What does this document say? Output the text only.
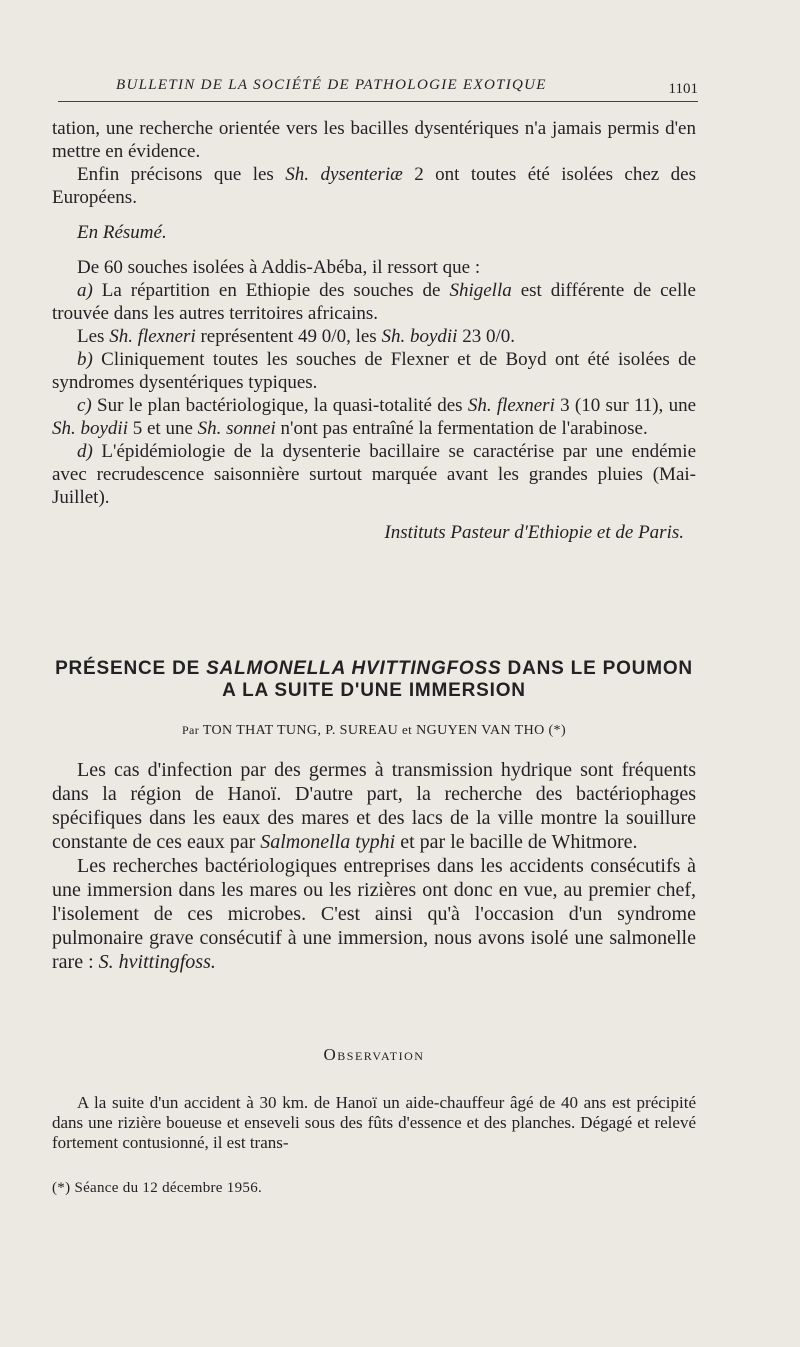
BULLETIN DE LA SOCIÉTÉ DE PATHOLOGIE EXOTIQUE	1101

tation, une recherche orientée vers les bacilles dysentériques n'a jamais permis d'en mettre en évidence.

Enfin précisons que les Sh. dysenteriæ 2 ont toutes été isolées chez des Européens.

En Résumé.

De 60 souches isolées à Addis-Abéba, il ressort que :

a) La répartition en Ethiopie des souches de Shigella est différente de celle trouvée dans les autres territoires africains.

Les Sh. flexneri représentent 49 0/0, les Sh. boydii 23 0/0.

b) Cliniquement toutes les souches de Flexner et de Boyd ont été isolées de syndromes dysentériques typiques.

c) Sur le plan bactériologique, la quasi-totalité des Sh. flexneri 3 (10 sur 11), une Sh. boydii 5 et une Sh. sonnei n'ont pas entraîné la fermentation de l'arabinose.

d) L'épidémiologie de la dysenterie bacillaire se caractérise par une endémie avec recrudescence saisonnière surtout marquée avant les grandes pluies (Mai-Juillet).

Instituts Pasteur d'Ethiopie et de Paris.

PRÉSENCE DE SALMONELLA HVITTINGFOSS DANS LE POUMON
A LA SUITE D'UNE IMMERSION
Par TON THAT TUNG, P. SUREAU et NGUYEN VAN THO (*)

Les cas d'infection par des germes à transmission hydrique sont fréquents dans la région de Hanoï. D'autre part, la recherche des bactériophages spécifiques dans les eaux des mares et des lacs de la ville montre la souillure constante de ces eaux par Salmonella typhi et par le bacille de Whitmore.

Les recherches bactériologiques entreprises dans les accidents consécutifs à une immersion dans les mares ou les rizières ont donc en vue, au premier chef, l'isolement de ces microbes. C'est ainsi qu'à l'occasion d'un syndrome pulmonaire grave consécutif à une immersion, nous avons isolé une salmonelle rare : S. hvittingfoss.

Observation

A la suite d'un accident à 30 km. de Hanoï un aide-chauffeur âgé de 40 ans est précipité dans une rizière boueuse et enseveli sous des fûts d'essence et des planches. Dégagé et relevé fortement contusionné, il est trans-

(*) Séance du 12 décembre 1956.
